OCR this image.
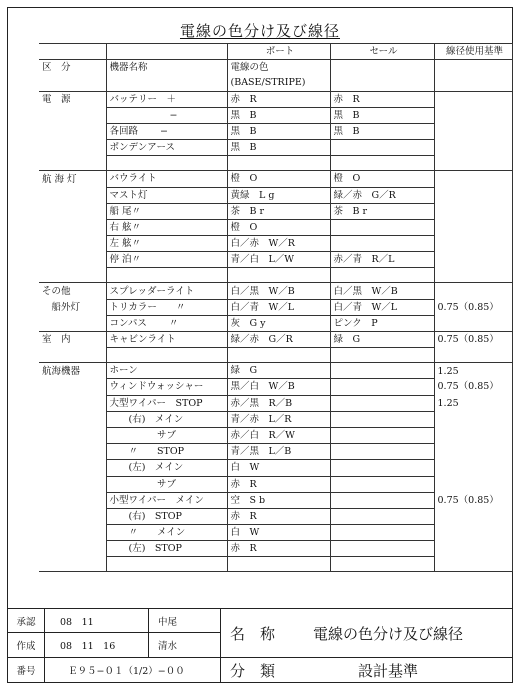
電線の色分け及び線径
		ボート	セール	線径使用基準
区　分	機器名称	電線の色		
		(BASE/STRIPE)		
電　源	バッテリー　＋	赤　R	赤　R	
	　　　　　　 −	黒　B	黒　B	
	各回路　　 −	黒　B	黒　B	
	ボンデンアース	黒　B		

航 海 灯	バウライト	橙　O	橙　O	
	マスト灯	黄緑　L g	緑／赤　G／R	
	船 尾〃	茶　B r	茶　B r	
	右 舷〃	橙　O		
	左 舷〃	白／赤　W／R		
	停 泊〃	青／白　L／W	赤／青　R／L	

その他	スプレッダーライト	白／黒　W／B	白／黒　W／B	
　船外灯	トリカラー　　〃	白／青　W／L	白／青　W／L	0.75（0.85）
	コンパス　　 〃	灰　G y	ピンク　P	
室　内	キャビンライト	緑／赤　G／R	緑　G	0.75（0.85）

航海機器	ホーン	緑　G		1.25
	ウィンドウォッシャー	黒／白　W／B		0.75（0.85）
	大型ワイパー　STOP	赤／黒　R／B		1.25
	　　(右)　メイン	青／赤　L／R		
	　　　　　サブ	赤／白　R／W		
	　　〃　　STOP	青／黒　L／B		
	　　(左)　メイン	白　W		
	　　　　　サブ	赤　R		
	小型ワイパー　メイン	空　S b		0.75（0.85）
	　　(右)　STOP	赤　R		
	　　〃　　メイン	白　W		
	　　(左)　STOP	赤　R		

承認	08　11	中尾
作成	08　11　16	清水
番号	Ｅ９５−０１（1/2）−００
名　称	電線の色分け及び線径
分　類	設計基準
